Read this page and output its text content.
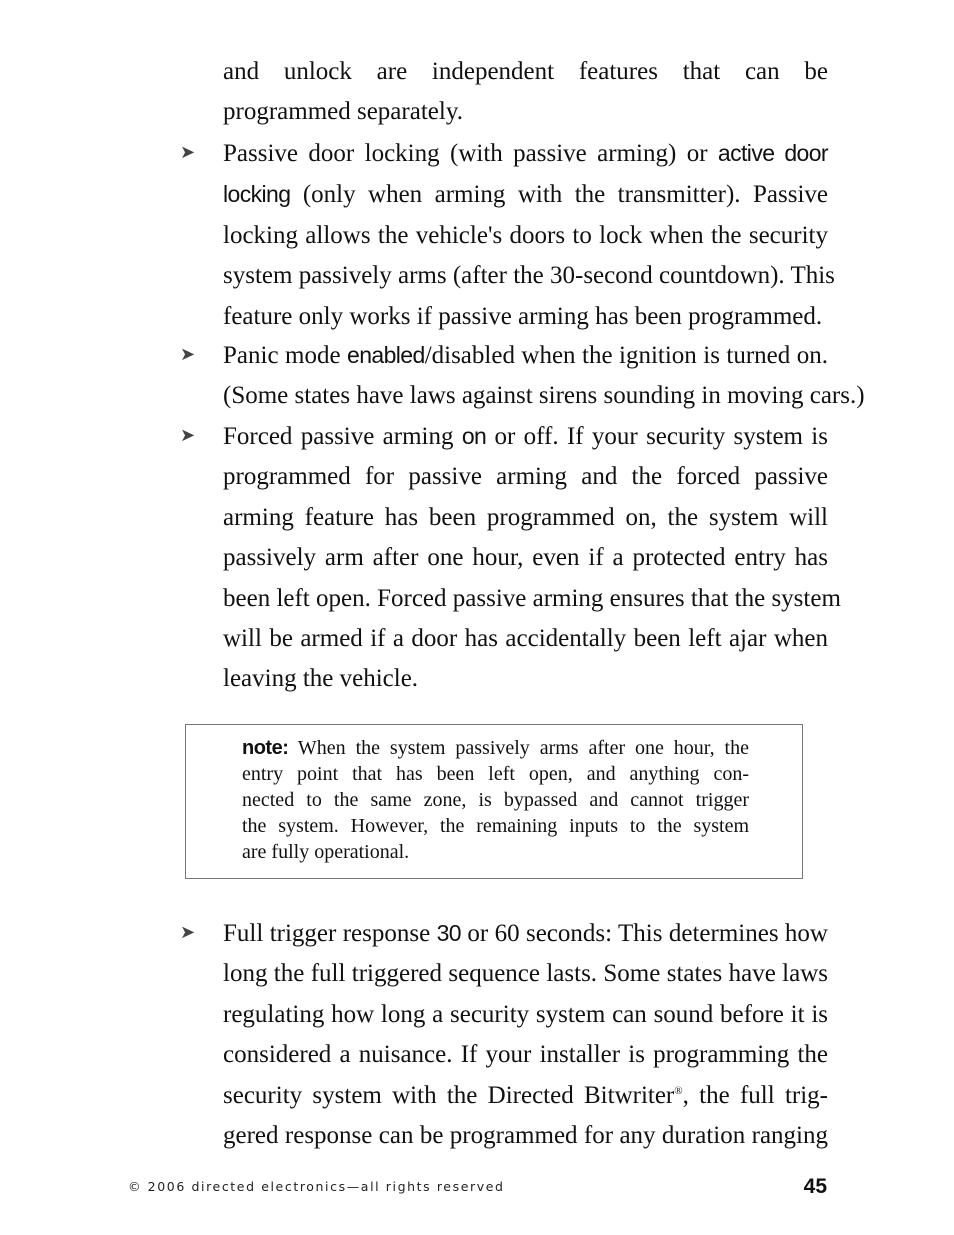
and unlock are independent features that can be
programmed separately.
➤ Passive door locking (with passive arming) or active door
locking (only when arming with the transmitter). Passive
locking allows the vehicle's doors to lock when the security
system passively arms (after the 30-second countdown). This
feature only works if passive arming has been programmed.
➤ Panic mode enabled/disabled when the ignition is turned on.
(Some states have laws against sirens sounding in moving cars.)
➤ Forced passive arming on or off. If your security system is
programmed for passive arming and the forced passive
arming feature has been programmed on, the system will
passively arm after one hour, even if a protected entry has
been left open. Forced passive arming ensures that the system
will be armed if a door has accidentally been left ajar when
leaving the vehicle.
note: When the system passively arms after one hour, the
entry point that has been left open, and anything con-
nected to the same zone, is bypassed and cannot trigger
the system. However, the remaining inputs to the system
are fully operational.
➤ Full trigger response 30 or 60 seconds: This determines how
long the full triggered sequence lasts. Some states have laws
regulating how long a security system can sound before it is
considered a nuisance. If your installer is programming the
security system with the Directed Bitwriter®, the full trig-
gered response can be programmed for any duration ranging
© 2006 directed electronics—all rights reserved	45
